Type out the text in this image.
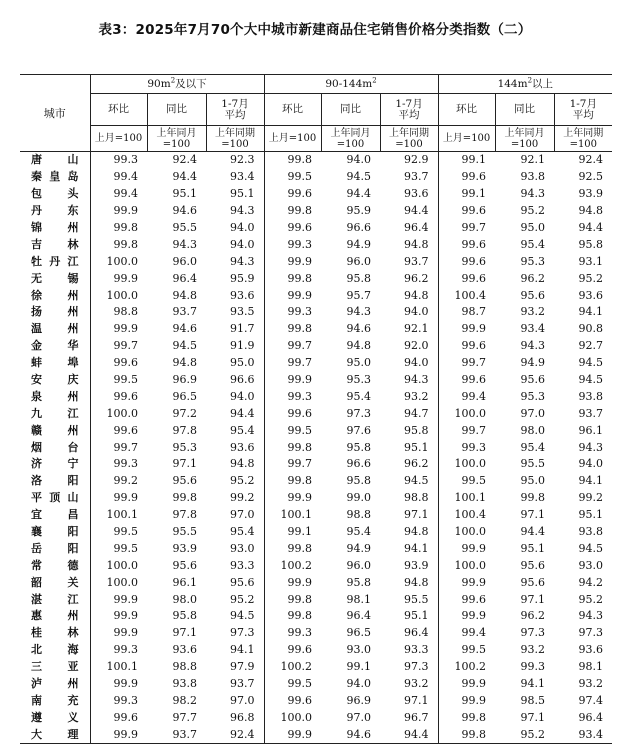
表3：2025年7月70个大中城市新建商品住宅销售价格分类指数（二）
城市	$90m^2$及以下			$90-144m^2$			$144m^2$以上		
	环比	同比	1-7月平均	环比	同比	1-7月平均	环比	同比	1-7月平均
	上月=100	上年同月=100	上年同期=100	上月=100	上年同月=100	上年同期=100	上月=100	上年同月=100	上年同期=100

唐 山	99.3	92.4	92.3	99.8	94.0	92.9	99.1	92.1	92.4

秦 皇 岛	99.4	94.4	93.4	99.5	94.5	93.7	99.6	93.8	92.5

包 头	99.4	95.1	95.1	99.6	94.4	93.6	99.1	94.3	93.9

丹 东	99.9	94.6	94.3	99.8	95.9	94.4	99.6	95.2	94.8

锦 州	99.8	95.5	94.0	99.6	96.6	96.4	99.7	95.0	94.4

吉 林	99.8	94.3	94.0	99.3	94.9	94.8	99.6	95.4	95.8

牡 丹 江	100.0	96.0	94.3	99.9	96.0	93.7	99.6	95.3	93.1

无 锡	99.9	96.4	95.9	99.8	95.8	96.2	99.6	96.2	95.2

徐 州	100.0	94.8	93.6	99.9	95.7	94.8	100.4	95.6	93.6

扬 州	98.8	93.7	93.5	99.3	94.3	94.0	98.7	93.2	94.1

温 州	99.9	94.6	91.7	99.8	94.6	92.1	99.9	93.4	90.8

金 华	99.7	94.5	91.9	99.7	94.8	92.0	99.6	94.3	92.7

蚌 埠	99.6	94.8	95.0	99.7	95.0	94.0	99.7	94.9	94.5

安 庆	99.5	96.9	96.6	99.9	95.3	94.3	99.6	95.6	94.5

泉 州	99.6	96.5	94.0	99.3	95.4	93.2	99.4	95.3	93.8

九 江	100.0	97.2	94.4	99.6	97.3	94.7	100.0	97.0	93.7

赣 州	99.6	97.8	95.4	99.5	97.6	95.8	99.7	98.0	96.1

烟 台	99.7	95.3	93.6	99.8	95.8	95.1	99.3	95.4	94.3

济 宁	99.3	97.1	94.8	99.7	96.6	96.2	100.0	95.5	94.0

洛 阳	99.2	95.6	95.2	99.8	95.8	94.5	99.5	95.0	94.1

平 顶 山	99.9	99.8	99.2	99.9	99.0	98.8	100.1	99.8	99.2

宜 昌	100.1	97.8	97.0	100.1	98.8	97.1	100.4	97.1	95.1

襄 阳	99.5	95.5	95.4	99.1	95.4	94.8	100.0	94.4	93.8

岳 阳	99.5	93.9	93.0	99.8	94.9	94.1	99.9	95.1	94.5

常 德	100.0	95.6	93.3	100.2	96.0	93.9	100.0	95.6	93.0

韶 关	100.0	96.1	95.6	99.9	95.8	94.8	99.9	95.6	94.2

湛 江	99.9	98.0	95.2	99.8	98.1	95.5	99.6	97.1	95.2

惠 州	99.9	95.8	94.5	99.8	96.4	95.1	99.9	96.2	94.3

桂 林	99.9	97.1	97.3	99.3	96.5	96.4	99.4	97.3	97.3

北 海	99.3	93.6	94.1	99.6	93.0	93.3	99.5	93.2	93.6

三 亚	100.1	98.8	97.9	100.2	99.1	97.3	100.2	99.3	98.1

泸 州	99.9	93.8	93.7	99.5	94.0	93.2	99.9	94.1	93.2

南 充	99.3	98.2	97.0	99.6	96.9	97.1	99.9	98.5	97.4

遵 义	99.6	97.7	96.8	100.0	97.0	96.7	99.8	97.1	96.4

大 理	99.9	93.7	92.4	99.9	94.6	94.4	99.8	95.2	93.4
